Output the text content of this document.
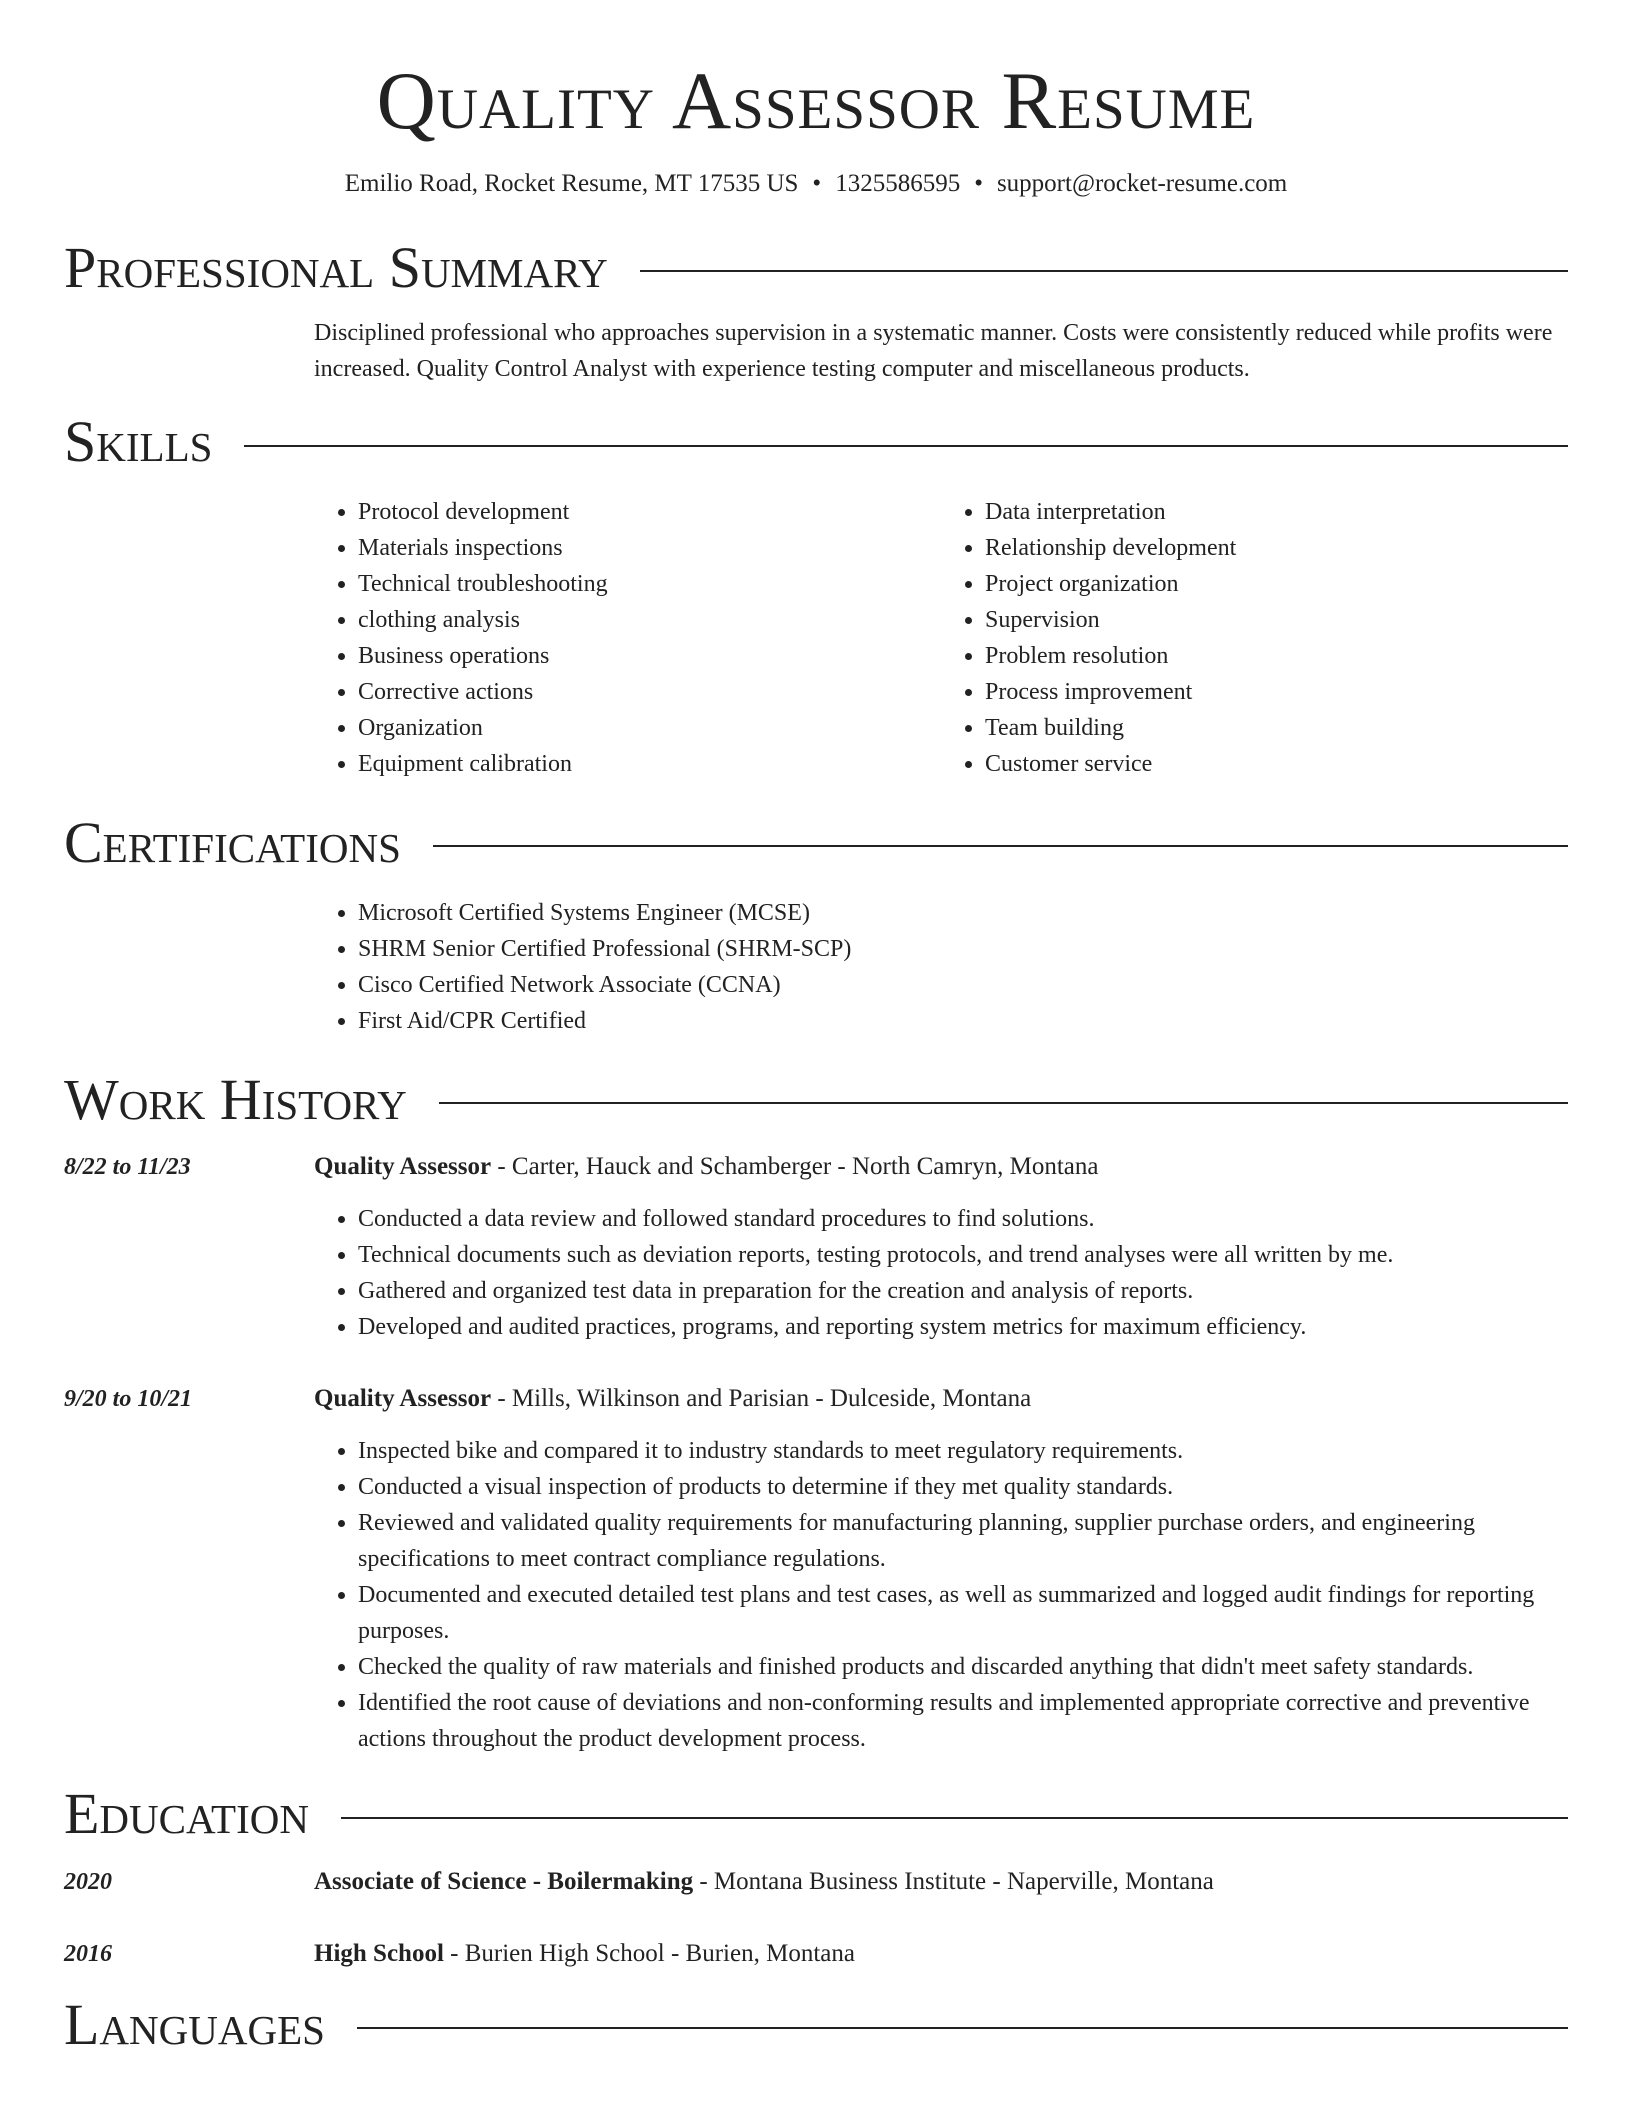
Quality Assessor Resume
Emilio Road, Rocket Resume, MT 17535 US • 1325586595 • support@rocket-resume.com
Professional Summary

Disciplined professional who approaches supervision in a systematic manner. Costs were consistently reduced while profits were increased. Quality Control Analyst with experience testing computer and miscellaneous products.

Skills
• Protocol development
• Materials inspections
• Technical troubleshooting
• clothing analysis
• Business operations
• Corrective actions
• Organization
• Equipment calibration
• Data interpretation
• Relationship development
• Project organization
• Supervision
• Problem resolution
• Process improvement
• Team building
• Customer service
Certifications
• Microsoft Certified Systems Engineer (MCSE)
• SHRM Senior Certified Professional (SHRM-SCP)
• Cisco Certified Network Associate (CCNA)
• First Aid/CPR Certified
Work History
8/22 to 11/23	Quality Assessor - Carter, Hauck and Schamberger - North Camryn, Montana
• Conducted a data review and followed standard procedures to find solutions.
• Technical documents such as deviation reports, testing protocols, and trend analyses were all written by me.
• Gathered and organized test data in preparation for the creation and analysis of reports.
• Developed and audited practices, programs, and reporting system metrics for maximum efficiency.
9/20 to 10/21	Quality Assessor - Mills, Wilkinson and Parisian - Dulceside, Montana
• Inspected bike and compared it to industry standards to meet regulatory requirements.
• Conducted a visual inspection of products to determine if they met quality standards.
• Reviewed and validated quality requirements for manufacturing planning, supplier purchase orders, and engineering specifications to meet contract compliance regulations.
• Documented and executed detailed test plans and test cases, as well as summarized and logged audit findings for reporting purposes.
• Checked the quality of raw materials and finished products and discarded anything that didn't meet safety standards.
• Identified the root cause of deviations and non-conforming results and implemented appropriate corrective and preventive actions throughout the product development process.
Education
2020	Associate of Science - Boilermaking - Montana Business Institute - Naperville, Montana
2016	High School - Burien High School - Burien, Montana
Languages
